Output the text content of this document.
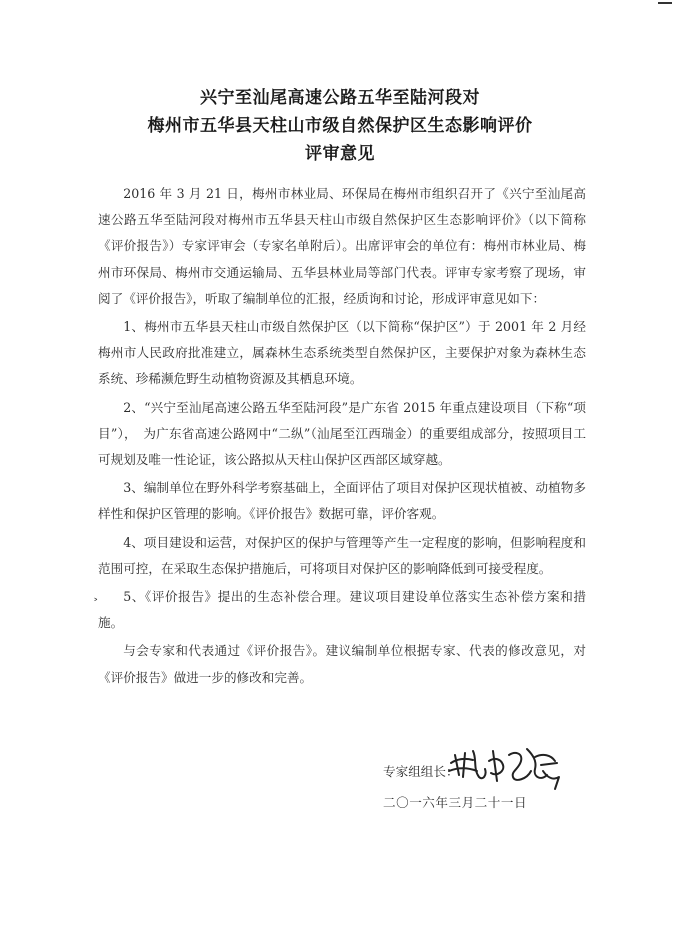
兴宁至汕尾高速公路五华至陆河段对
梅州市五华县天柱山市级自然保护区生态影响评价
评审意见

2016 年 3 月 21 日，梅州市林业局、环保局在梅州市组织召开了《兴宁至汕尾高速公路五华至陆河段对梅州市五华县天柱山市级自然保护区生态影响评价》（以下简称《评价报告》）专家评审会（专家名单附后）。出席评审会的单位有：梅州市林业局、梅州市环保局、梅州市交通运输局、五华县林业局等部门代表。评审专家考察了现场，审阅了《评价报告》，听取了编制单位的汇报，经质询和讨论，形成评审意见如下：

1、梅州市五华县天柱山市级自然保护区（以下简称“保护区”）于 2001 年 2 月经梅州市人民政府批准建立，属森林生态系统类型自然保护区，主要保护对象为森林生态系统、珍稀濒危野生动植物资源及其栖息环境。

2、“兴宁至汕尾高速公路五华至陆河段”是广东省 2015 年重点建设项目（下称“项目”），　为广东省高速公路网中“二纵”（汕尾至江西瑞金）的重要组成部分，按照项目工可规划及唯一性论证，该公路拟从天柱山保护区西部区域穿越。

3、编制单位在野外科学考察基础上，全面评估了项目对保护区现状植被、动植物多样性和保护区管理的影响。《评价报告》数据可靠，评价客观。

4、项目建设和运营，对保护区的保护与管理等产生一定程度的影响，但影响程度和范围可控，在采取生态保护措施后，可将项目对保护区的影响降低到可接受程度。

5、《评价报告》提出的生态补偿合理。建议项目建设单位落实生态补偿方案和措施。

与会专家和代表通过《评价报告》。建议编制单位根据专家、代表的修改意见，对《评价报告》做进一步的修改和完善。

˃
专家组组长：
二〇一六年三月二十一日
